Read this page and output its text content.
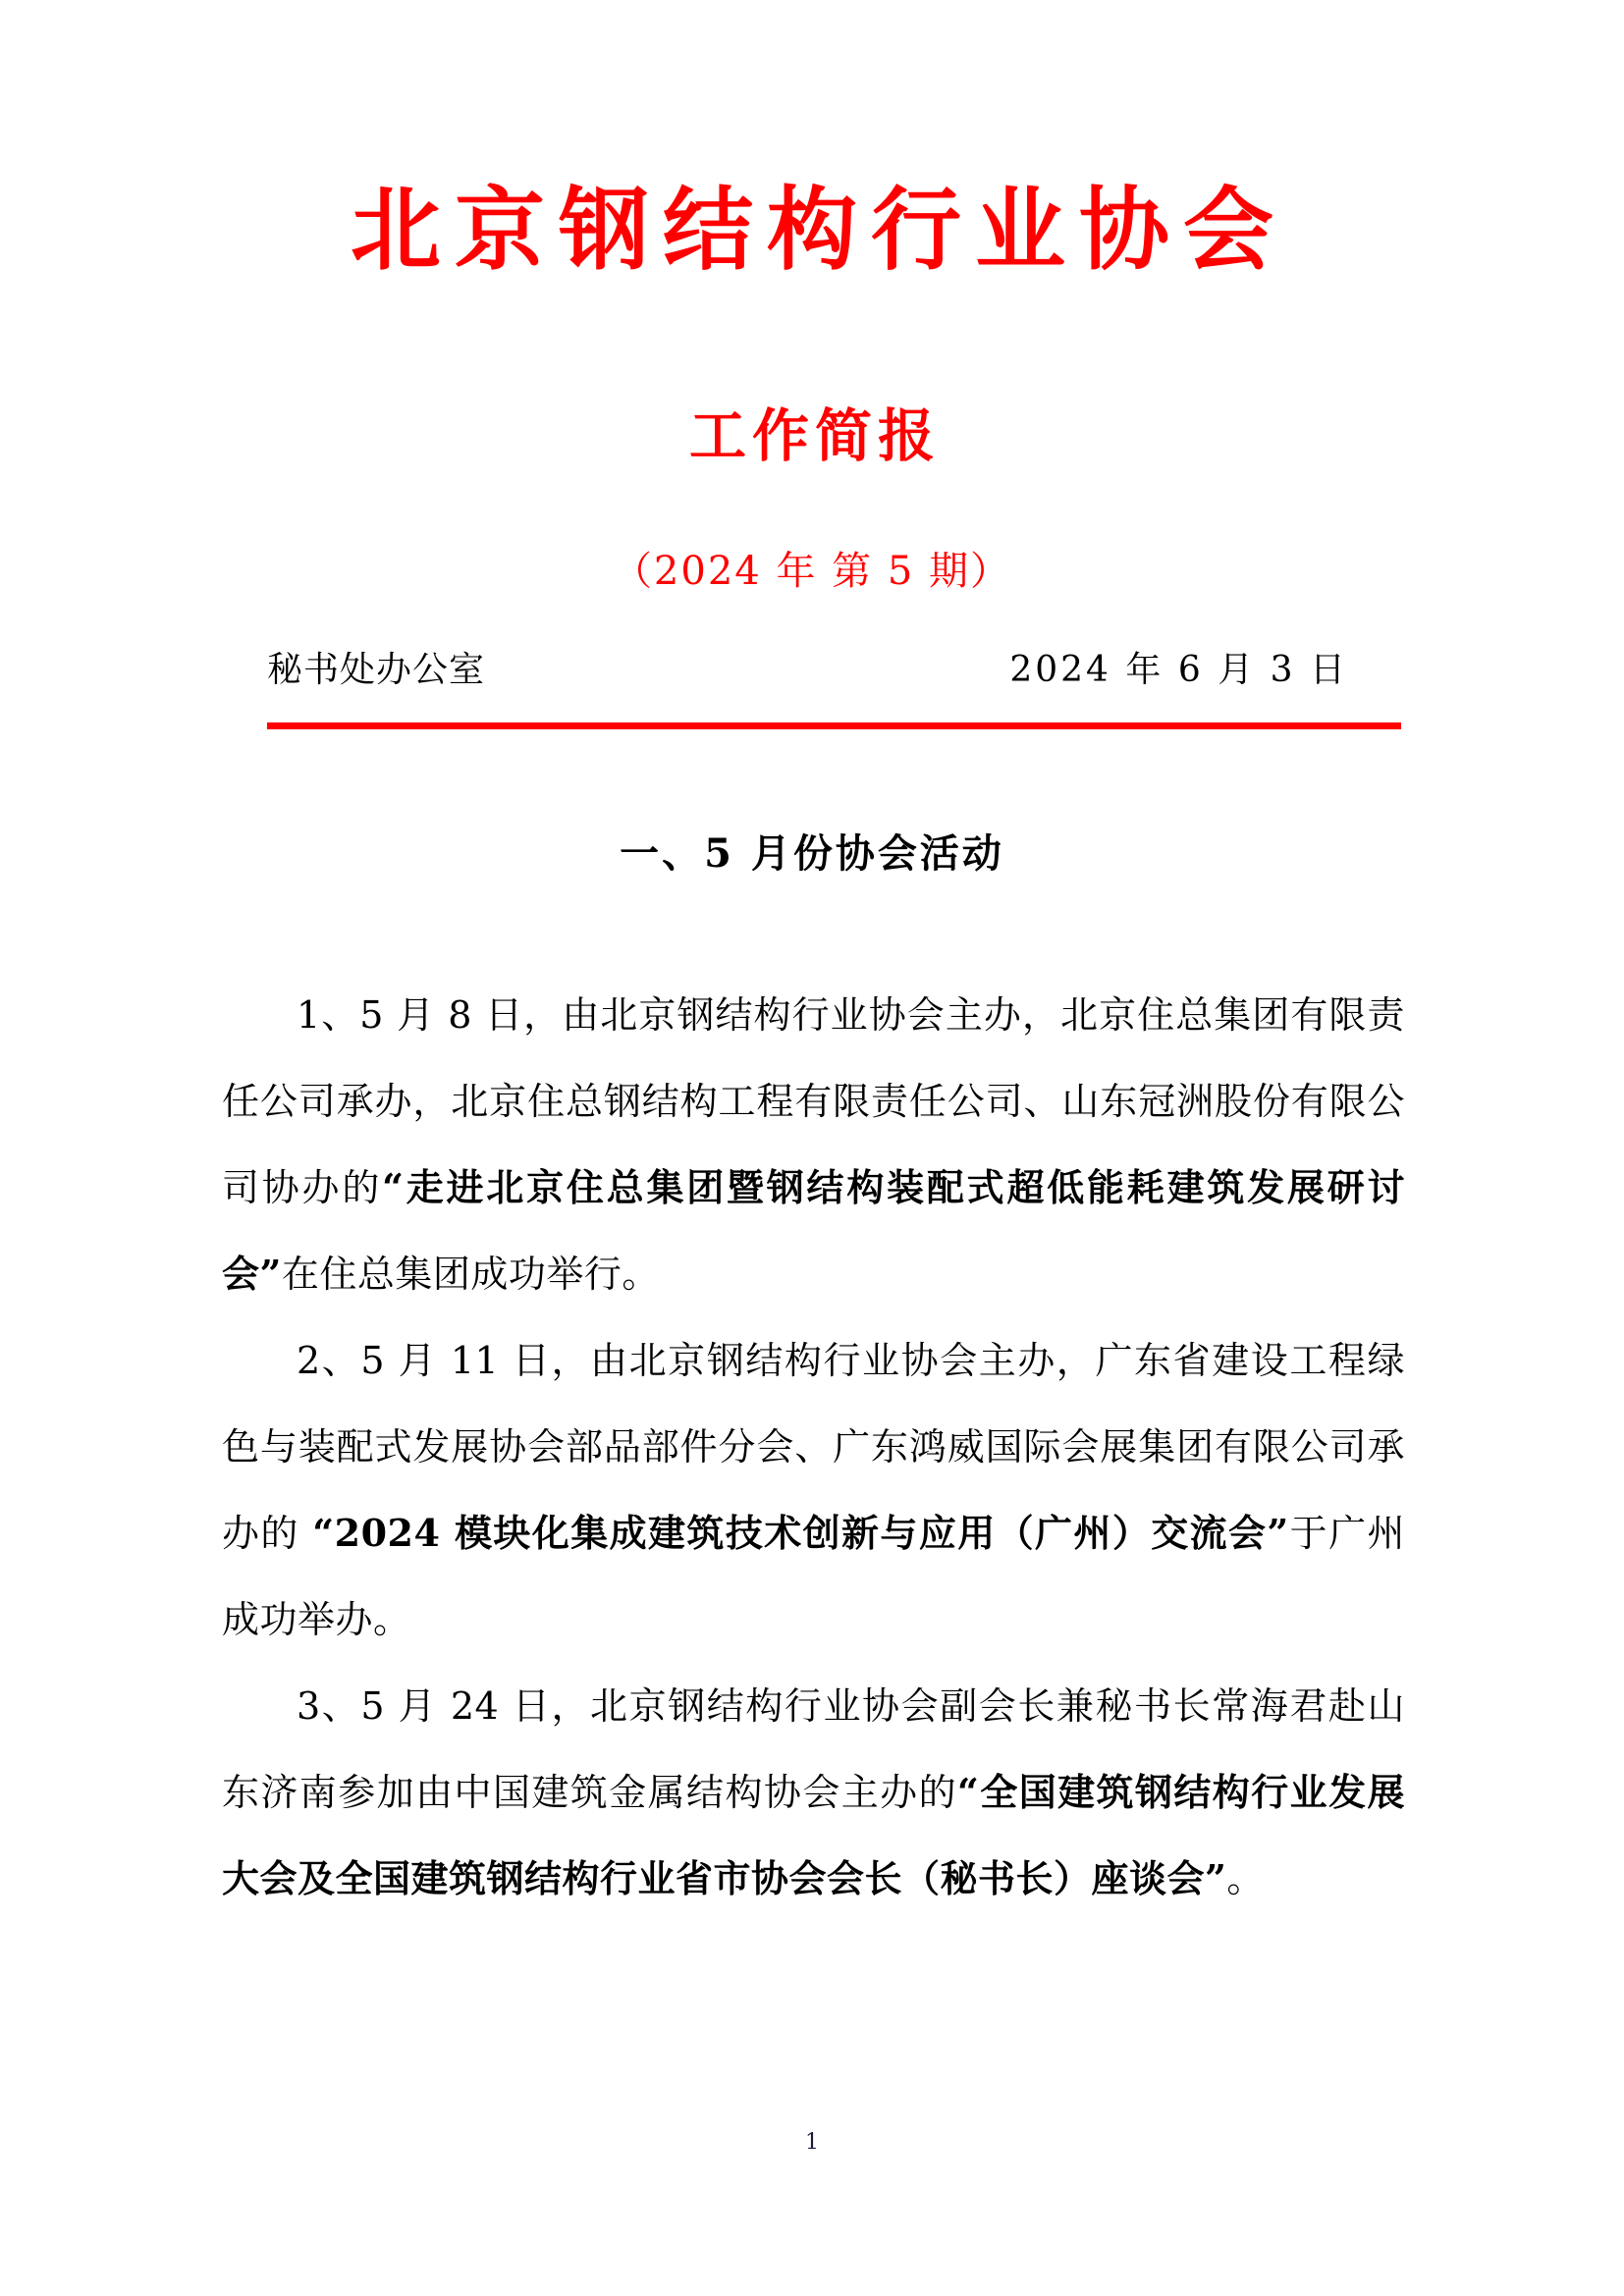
北京钢结构行业协会
工作简报
（2024 年 第 5 期）
秘书处办公室	2024 年 6 月 3 日
一、5 月份协会活动

1、5 月 8 日，由北京钢结构行业协会主办，北京住总集团有限责任公司承办，北京住总钢结构工程有限责任公司、山东冠洲股份有限公司协办的“走进北京住总集团暨钢结构装配式超低能耗建筑发展研讨会”在住总集团成功举行。

2、5 月 11 日，由北京钢结构行业协会主办，广东省建设工程绿色与装配式发展协会部品部件分会、广东鸿威国际会展集团有限公司承办的 “2024 模块化集成建筑技术创新与应用（广州）交流会”于广州成功举办。

3、5 月 24 日，北京钢结构行业协会副会长兼秘书长常海君赴山东济南参加由中国建筑金属结构协会主办的“全国建筑钢结构行业发展大会及全国建筑钢结构行业省市协会会长（秘书长）座谈会”。

1
